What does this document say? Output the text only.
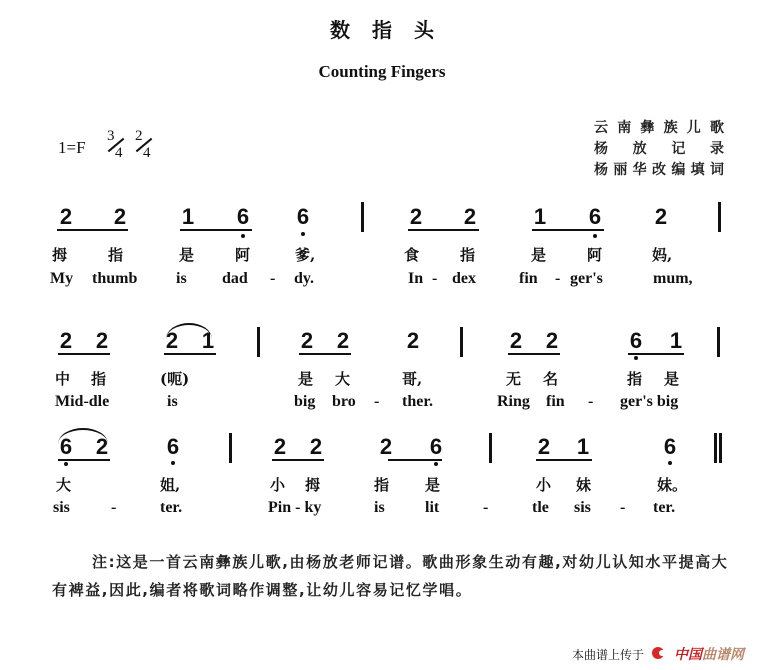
数指头
Counting Fingers
1=F
3
4
2
4
云南彝族儿歌
杨放记录
杨丽华改编填词
2 2	1 6 6	2 2	1 6 2
拇	指	是	阿	爹,	食	指	是	阿	妈,
My thumb is dad - dy.	In - dex	fin - ger's	mum,
2 2	2 1	2 2	2	2 2	6 1
中 指	(呃)	是 大	哥,	无 名	指 是
Mid-dle	is	big bro - ther.	Ring fin - ger's big
6 2	6	2 2	2 6	2 1	6
大	姐,	小 拇	指 是	小 妹	妹。
sis	-	ter.	Pin - ky	is	lit	-	tle sis - ter.
注:这是一首云南彝族儿歌,由杨放老师记谱。歌曲形象生动有趣,对幼儿认知水平提高大有裨益,因此,编者将歌词略作调整,让幼儿容易记忆学唱。
本曲谱上传于 中国曲谱网
